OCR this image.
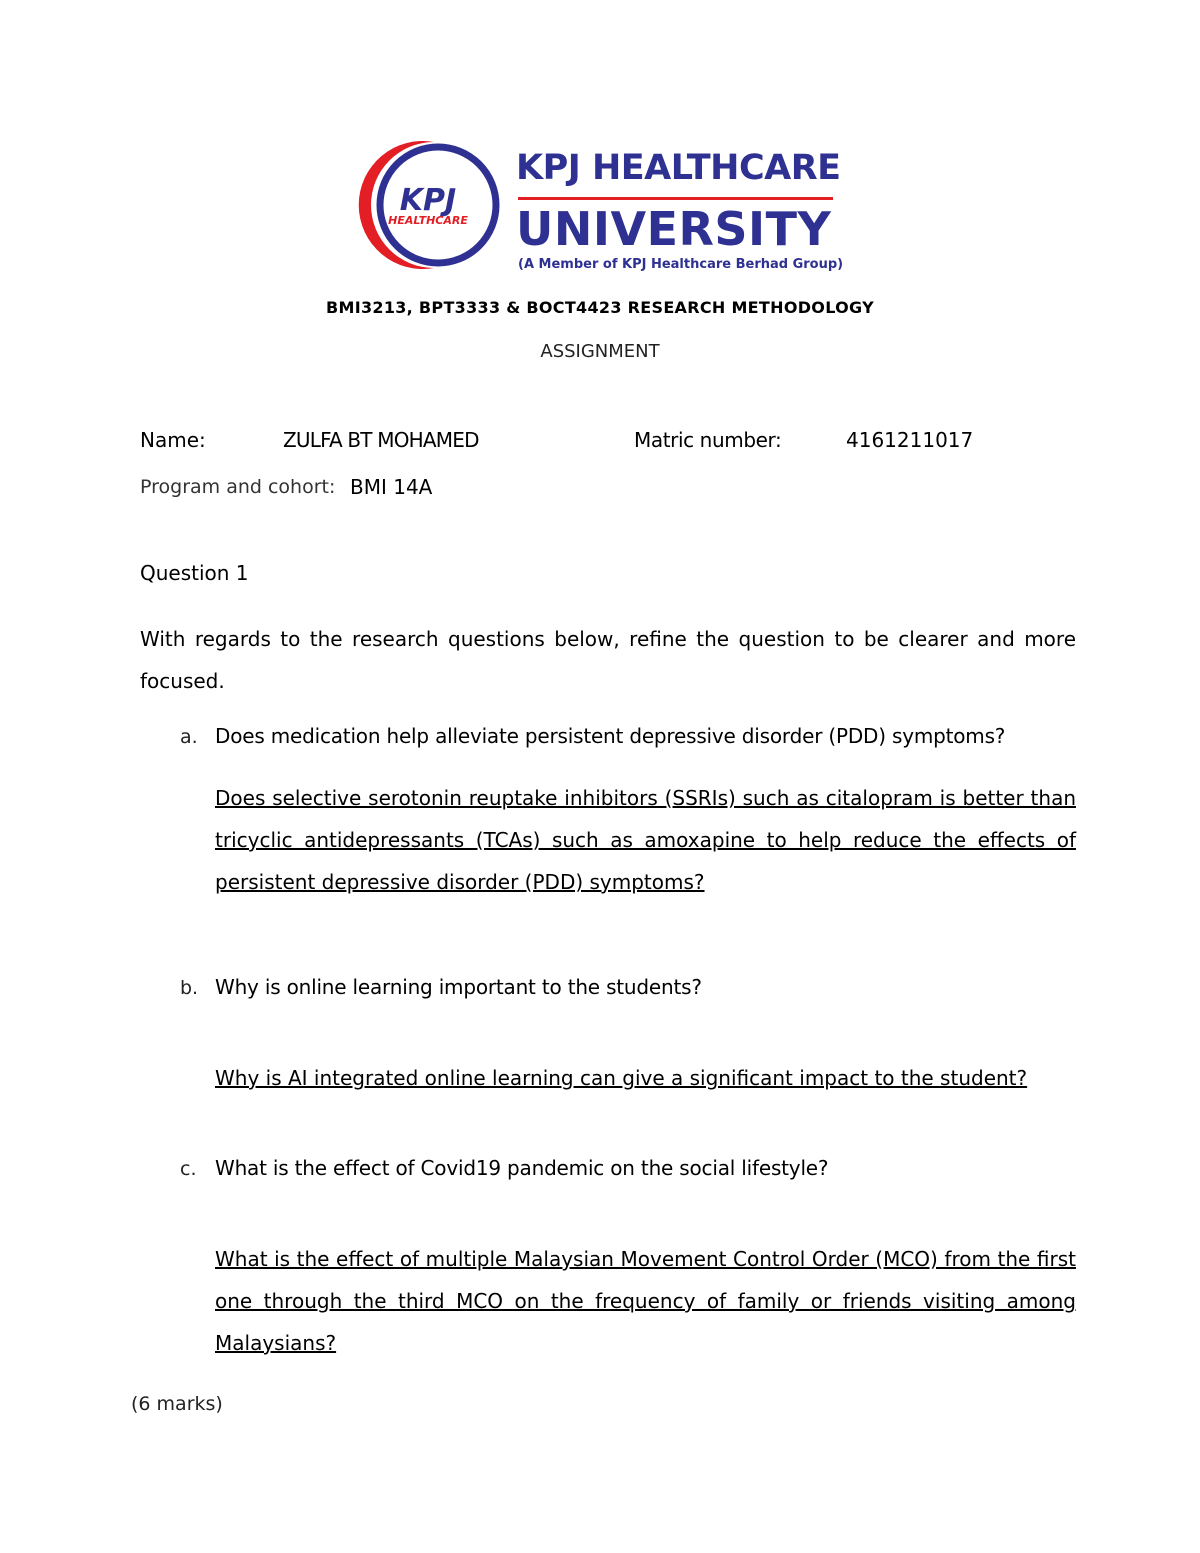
KPJ
HEALTHCARE
KPJ HEALTHCARE
UNIVERSITY
(A Member of KPJ Healthcare Berhad Group)
BMI3213, BPT3333 & BOCT4423 RESEARCH METHODOLOGY
ASSIGNMENT
Name:	ZULFA BT MOHAMED	Matric number:	4161211017
Program and cohort: BMI 14A
Question 1
With regards to the research questions below, refine the question to be clearer and more focused.
a. Does medication help alleviate persistent depressive disorder (PDD) symptoms?
Does selective serotonin reuptake inhibitors (SSRIs) such as citalopram is better than tricyclic antidepressants (TCAs) such as amoxapine to help reduce the effects of persistent depressive disorder (PDD) symptoms?
b. Why is online learning important to the students?
Why is AI integrated online learning can give a significant impact to the student?
c. What is the effect of Covid19 pandemic on the social lifestyle?
What is the effect of multiple Malaysian Movement Control Order (MCO) from the first one through the third MCO on the frequency of family or friends visiting among Malaysians?
(6 marks)
